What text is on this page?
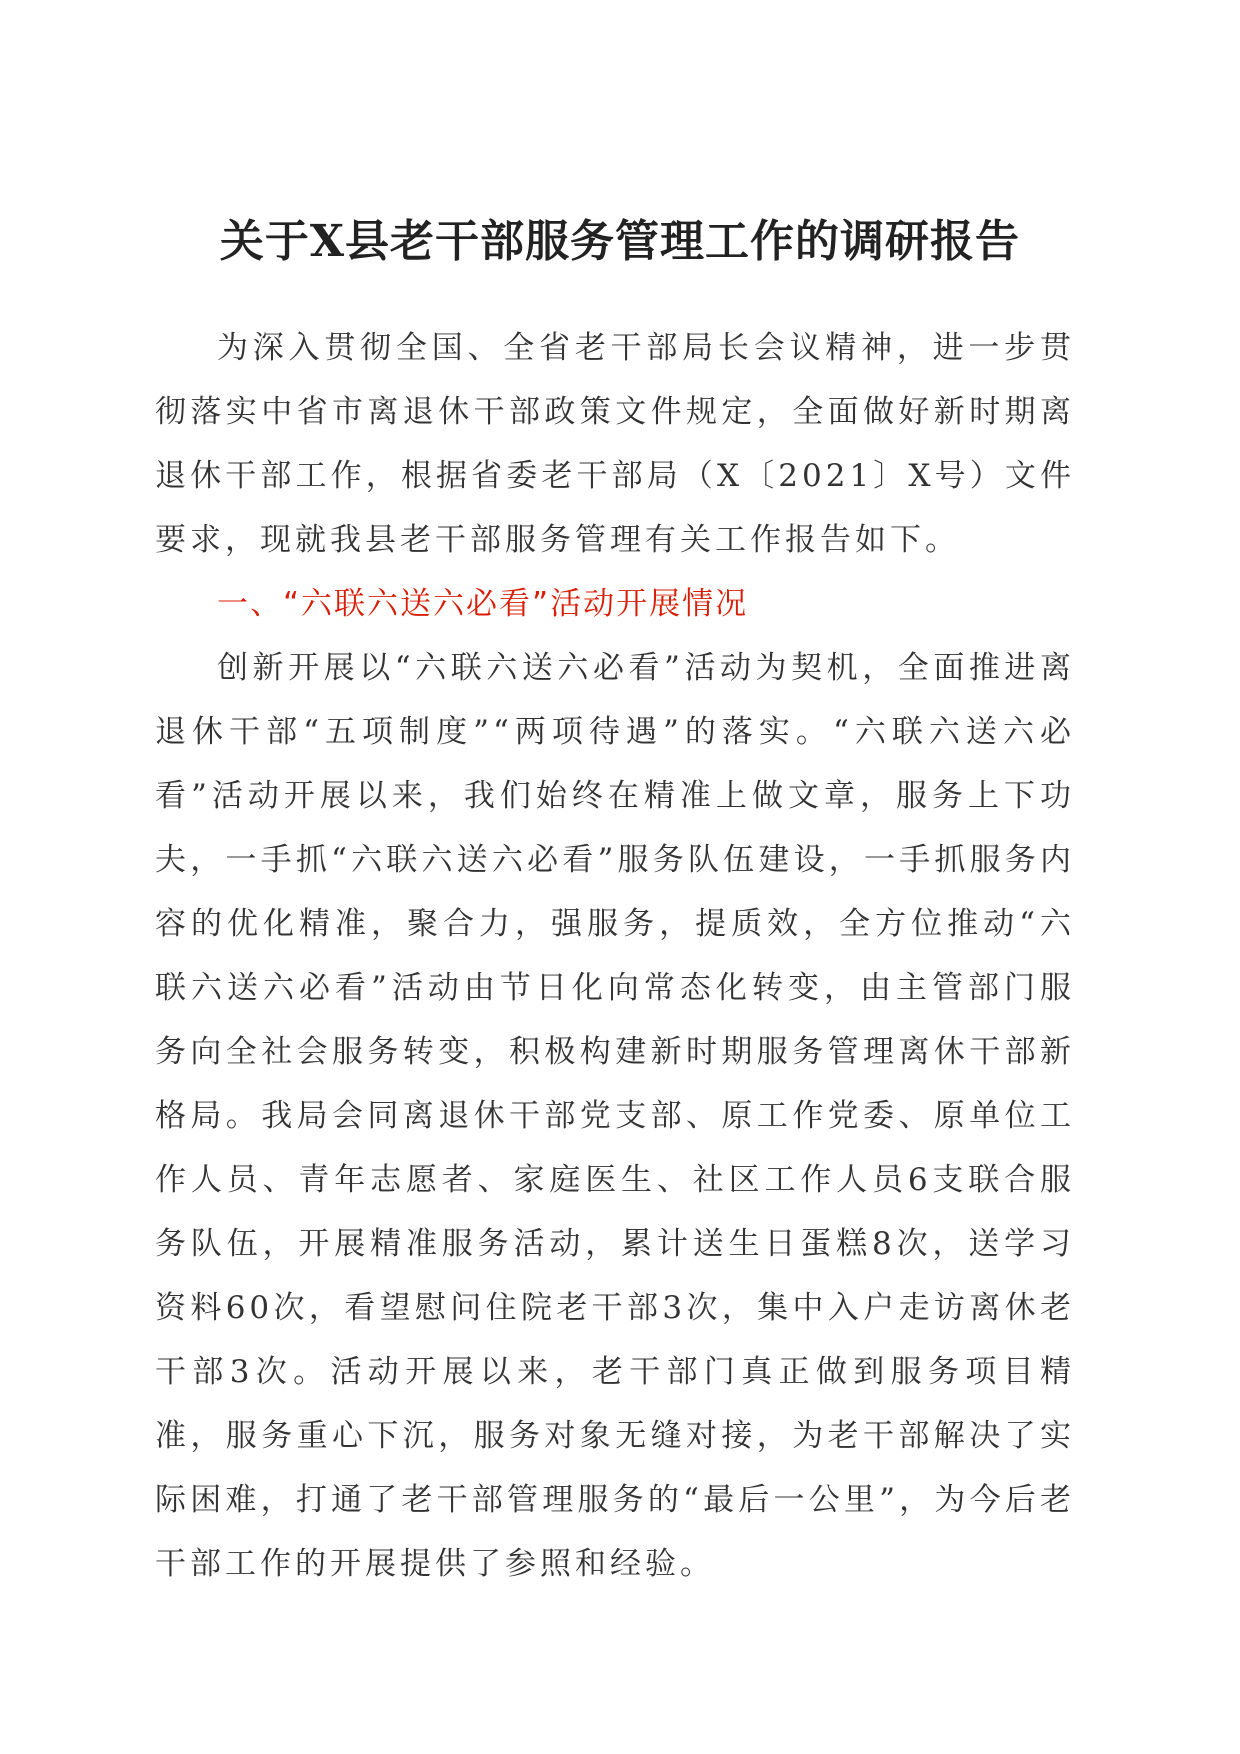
关于X县老干部服务管理工作的调研报告

为深入贯彻全国、全省老干部局长会议精神，进一步贯彻落实中省市离退休干部政策文件规定，全面做好新时期离退休干部工作，根据省委老干部局（X〔2021〕X号）文件要求，现就我县老干部服务管理有关工作报告如下。

一、“六联六送六必看”活动开展情况

创新开展以“六联六送六必看”活动为契机，全面推进离退休干部“五项制度”“两项待遇”的落实。“六联六送六必看”活动开展以来，我们始终在精准上做文章，服务上下功夫，一手抓“六联六送六必看”服务队伍建设，一手抓服务内容的优化精准，聚合力，强服务，提质效，全方位推动“六联六送六必看”活动由节日化向常态化转变，由主管部门服务向全社会服务转变，积极构建新时期服务管理离休干部新格局。我局会同离退休干部党支部、原工作党委、原单位工作人员、青年志愿者、家庭医生、社区工作人员6支联合服务队伍，开展精准服务活动，累计送生日蛋糕8次，送学习资料60次，看望慰问住院老干部3次，集中入户走访离休老干部3次。活动开展以来，老干部门真正做到服务项目精准，服务重心下沉，服务对象无缝对接，为老干部解决了实际困难，打通了老干部管理服务的“最后一公里”，为今后老干部工作的开展提供了参照和经验。
